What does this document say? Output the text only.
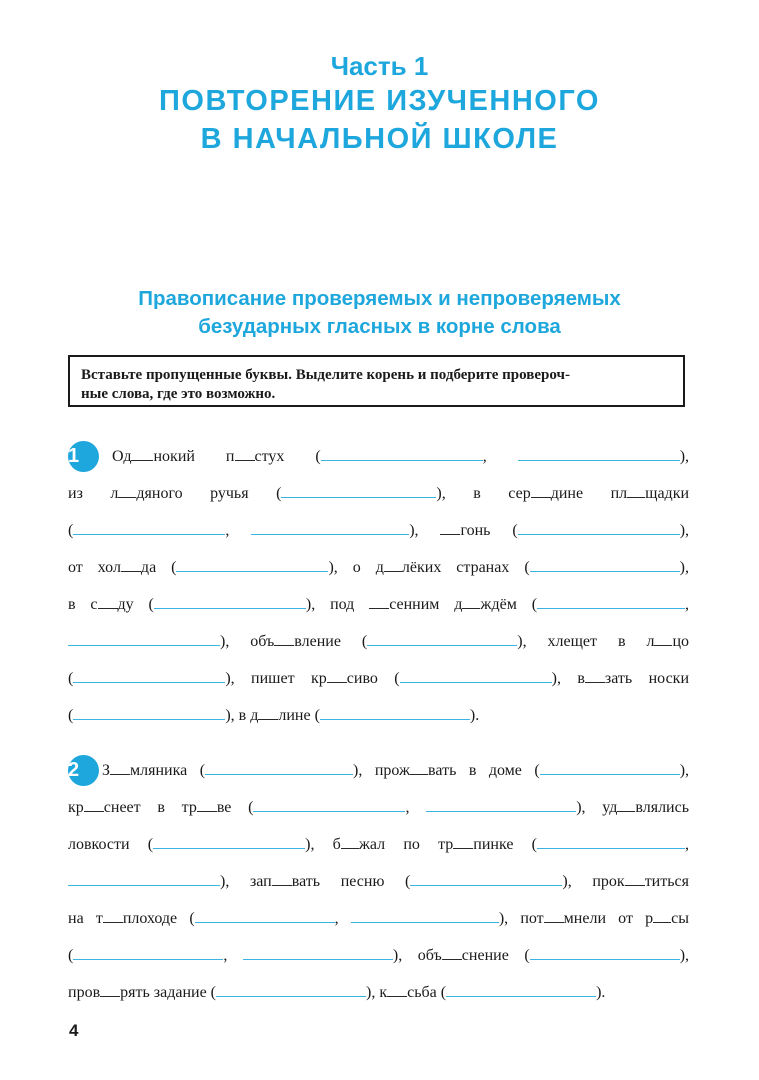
Часть 1
ПОВТОРЕНИЕ ИЗУЧЕННОГО
В НАЧАЛЬНОЙ ШКОЛЕ
Правописание проверяемых и непроверяемых
безударных гласных в корне слова
Вставьте пропущенные буквы. Выделите корень и подберите провероч-
ные слова, где это возможно.
1	Од нокий п стух (	,	),
из л дяного ручья (	), в сер дине пл щадки
(	,	), гонь (	),
от хол да (	), о д лёких странах (	),
в с ду (	), под сенним д ждём (	,
), объ вление (	), хлещет в л цо
(	), пишет кр сиво (	), в зать носки
(	), в д лине (	).
2	З мляника (	), прож вать в доме (	),
кр снеет в тр ве (	,	), уд влялись
ловкости (	), б жал по тр пинке (	,
), зап вать песню (	), прок титься
на т плоходе (	,	), пот мнели от р сы
(	,	), объ снение (	),
пров рять задание (	), к сьба (	).
4
